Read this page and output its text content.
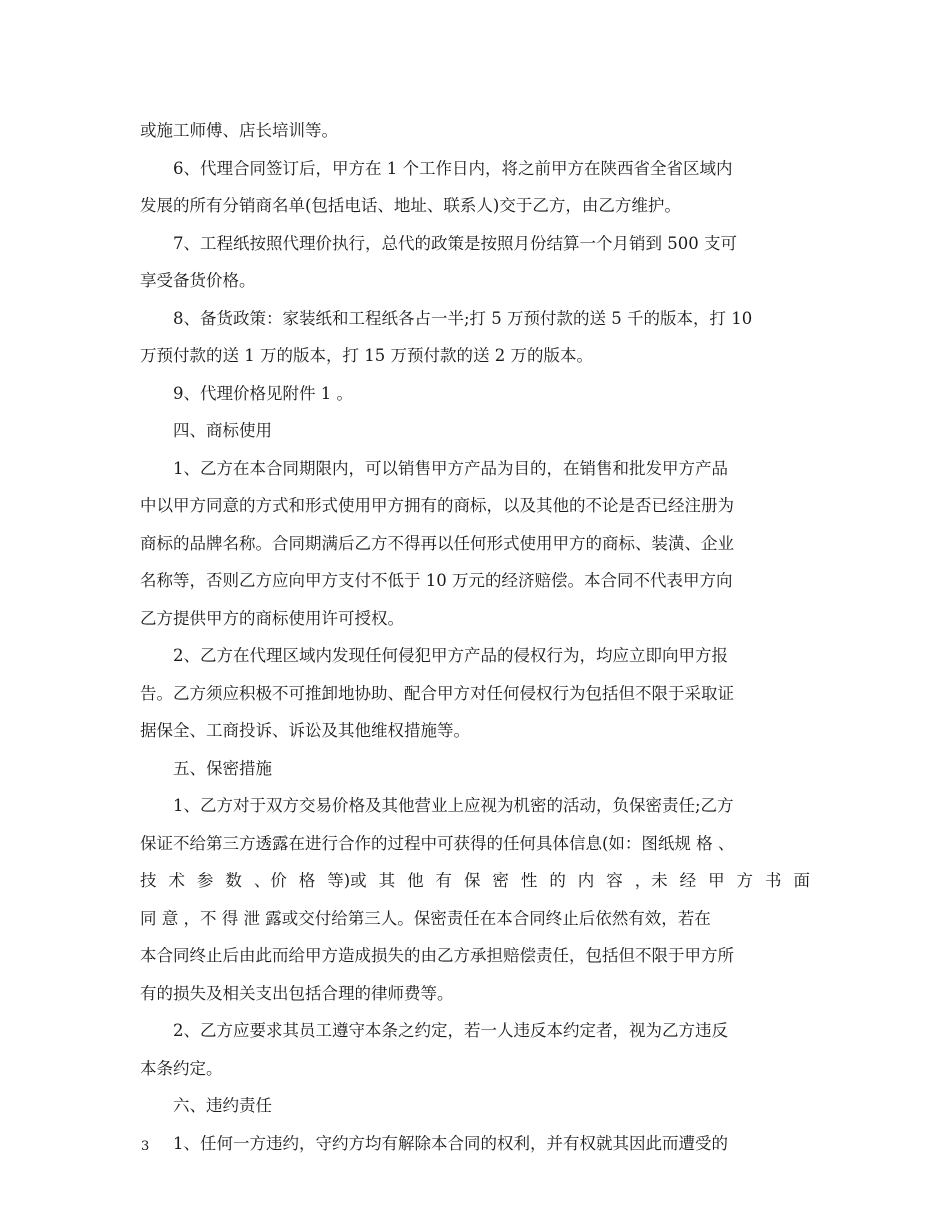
或施工师傅、店长培训等。
6、代理合同签订后，甲方在 1 个工作日内，将之前甲方在陕西省全省区域内
发展的所有分销商名单(包括电话、地址、联系人)交于乙方，由乙方维护。
7、工程纸按照代理价执行，总代的政策是按照月份结算一个月销到 500 支可
享受备货价格。
8、备货政策：家装纸和工程纸各占一半;打 5 万预付款的送 5 千的版本，打 10
万预付款的送 1 万的版本，打 15 万预付款的送 2 万的版本。
9、代理价格见附件 1 。
四、商标使用
1、乙方在本合同期限内，可以销售甲方产品为目的，在销售和批发甲方产品
中以甲方同意的方式和形式使用甲方拥有的商标，以及其他的不论是否已经注册为
商标的品牌名称。合同期满后乙方不得再以任何形式使用甲方的商标、装潢、企业
名称等，否则乙方应向甲方支付不低于 10 万元的经济赔偿。本合同不代表甲方向
乙方提供甲方的商标使用许可授权。
2、乙方在代理区域内发现任何侵犯甲方产品的侵权行为，均应立即向甲方报
告。乙方须应积极不可推卸地协助、配合甲方对任何侵权行为包括但不限于采取证
据保全、工商投诉、诉讼及其他维权措施等。
五、保密措施
1、乙方对于双方交易价格及其他营业上应视为机密的活动，负保密责任;乙方
保证不给第三方透露在进行合作的过程中可获得的任何具体信息(如：图纸规 格 、
技 术 参 数 、价 格 等)或 其 他 有 保 密 性 的 内 容 ，未 经 甲 方 书 面
同 意 ，不 得 泄 露或交付给第三人。保密责任在本合同终止后依然有效，若在
本合同终止后由此而给甲方造成损失的由乙方承担赔偿责任，包括但不限于甲方所
有的损失及相关支出包括合理的律师费等。
2、乙方应要求其员工遵守本条之约定，若一人违反本约定者，视为乙方违反
本条约定。
六、违约责任
1、任何一方违约，守约方均有解除本合同的权利，并有权就其因此而遭受的
3
